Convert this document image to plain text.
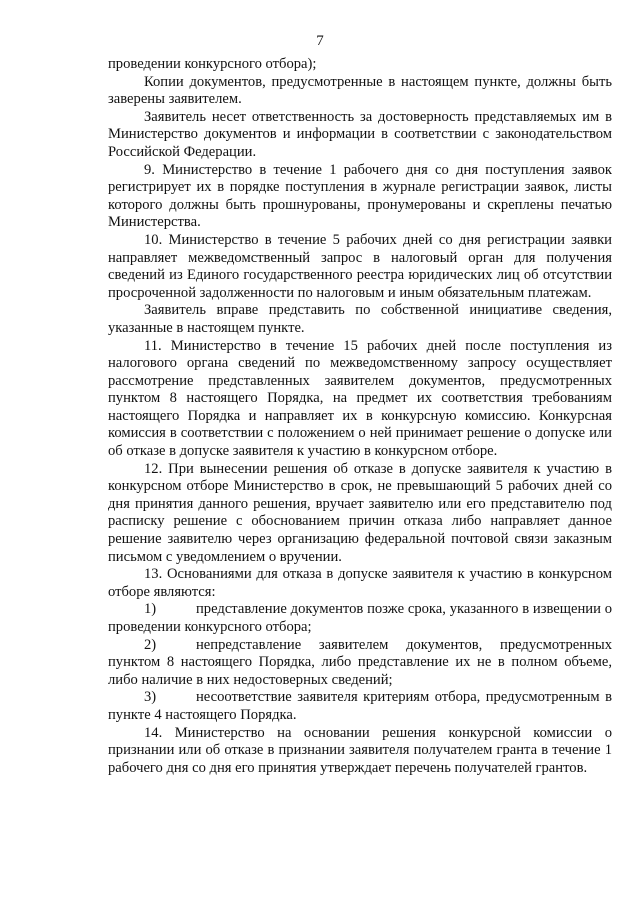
7

проведении конкурсного отбора);

Копии документов, предусмотренные в настоящем пункте, должны быть заверены заявителем.

Заявитель несет ответственность за достоверность представляемых им в Министерство документов и информации в соответствии с законодательством Российской Федерации.

9. Министерство в течение 1 рабочего дня со дня поступления заявок регистрирует их в порядке поступления в журнале регистрации заявок, листы которого должны быть прошнурованы, пронумерованы и скреплены печатью Министерства.

10. Министерство в течение 5 рабочих дней со дня регистрации заявки направляет межведомственный запрос в налоговый орган для получения сведений из Единого государственного реестра юридических лиц об отсутствии просроченной задолженности по налоговым и иным обязательным платежам.

Заявитель вправе представить по собственной инициативе сведения, указанные в настоящем пункте.

11. Министерство в течение 15 рабочих дней после поступления из налогового органа сведений по межведомственному запросу осуществляет рассмотрение представленных заявителем документов, предусмотренных пунктом 8 настоящего Порядка, на предмет их соответствия требованиям настоящего Порядка и направляет их в конкурсную комиссию. Конкурсная комиссия в соответствии с положением о ней принимает решение о допуске или об отказе в допуске заявителя к участию в конкурсном отборе.

12. При вынесении решения об отказе в допуске заявителя к участию в конкурсном отборе Министерство в срок, не превышающий 5 рабочих дней со дня принятия данного решения, вручает заявителю или его представителю под расписку решение с обоснованием причин отказа либо направляет данное решение заявителю через организацию федеральной почтовой связи заказным письмом с уведомлением о вручении.

13. Основаниями для отказа в допуске заявителя к участию в конкурсном отборе являются:

1)	представление документов позже срока, указанного в извещении о проведении конкурсного отбора;

2)	непредставление заявителем документов, предусмотренных пунктом 8 настоящего Порядка, либо представление их не в полном объеме, либо наличие в них недостоверных сведений;

3)	несоответствие заявителя критериям отбора, предусмотренным в пункте 4 настоящего Порядка.

14. Министерство на основании решения конкурсной комиссии о признании или об отказе в признании заявителя получателем гранта в течение 1 рабочего дня со дня его принятия утверждает перечень получателей грантов.
